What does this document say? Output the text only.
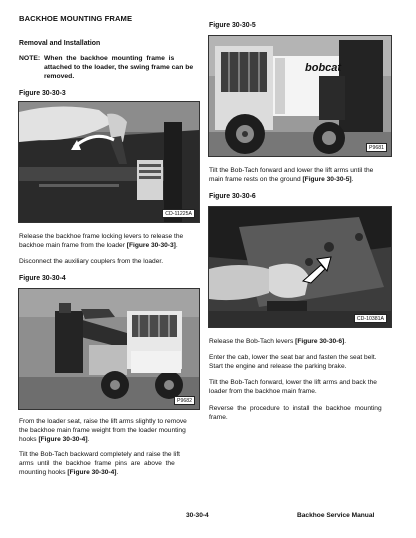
BACKHOE MOUNTING FRAME
Removal and Installation
NOTE: When  the  backhoe  mounting  frame  is
attached to the loader, the swing frame can be
removed.
Figure 30-30-3
CD-11225A
Release the backhoe frame locking levers to release the
backhoe main frame from the loader [Figure 30-30-3].
Disconnect the auxiliary couplers from the loader.
Figure 30-30-4
P9682
From the loader seat, raise the lift arms slightly to remove
the backhoe main frame weight from the loader mounting
hooks [Figure 30-30-4].
Tilt the Bob-Tach backward completely and raise the lift
arms  until  the  backhoe  frame  pins  are  above  the
mounting hooks [Figure 30-30-4].
Figure 30-30-5
bobcat
P9681
Tilt the Bob-Tach forward and lower the lift arms until the
main frame rests on the ground [Figure 30-30-5].
Figure 30-30-6
CD-10381A
Release the Bob-Tach levers [Figure 30-30-6].
Enter the cab, lower the seat bar and fasten the seat belt.
Start the engine and release the parking brake.
Tilt the Bob-Tach forward, lower the lift arms and back the
loader from the backhoe main frame.
Reverse  the  procedure  to  install  the  backhoe  mounting
frame.
30-30-4	Backhoe Service Manual
